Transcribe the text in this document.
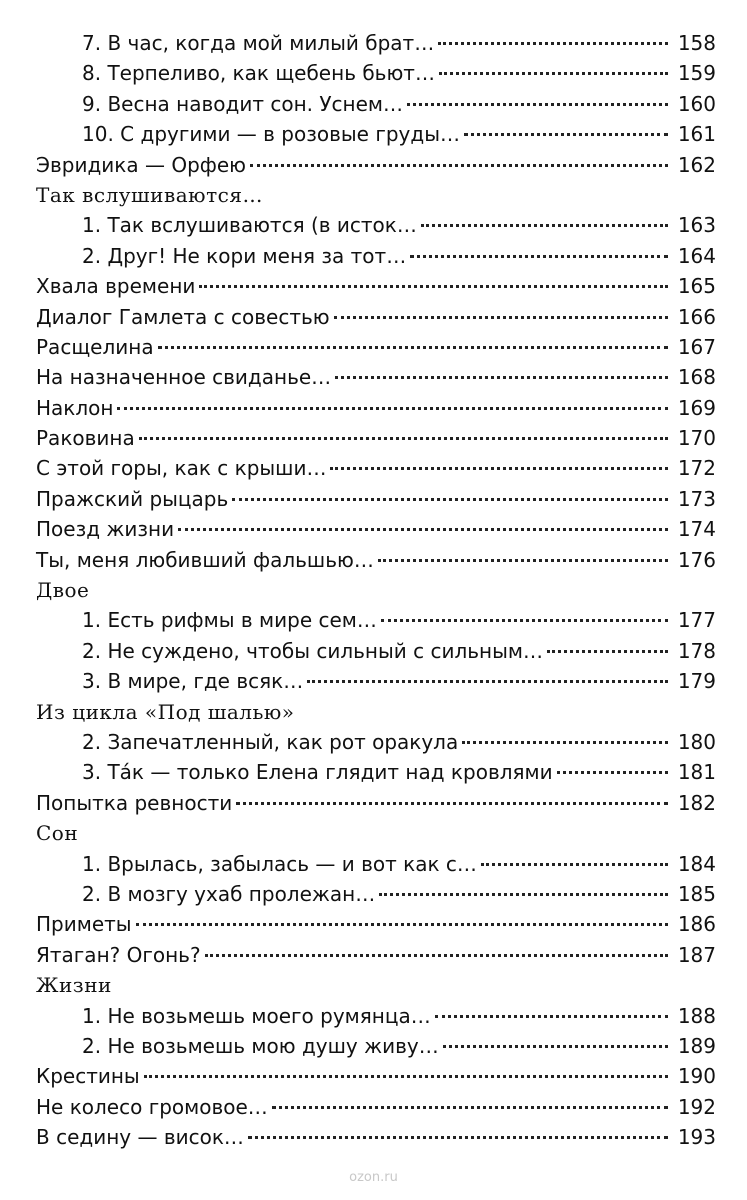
7. В час, когда мой милый брат…	158
8. Терпеливо, как щебень бьют…	159
9. Весна наводит сон. Уснем…	160
10. С другими — в розовые груды…	161
Эвридика — Орфею	162
Так вслушиваются…
1. Так вслушиваются (в исток…	163
2. Друг! Не кори меня за тот…	164
Хвала времени	165
Диалог Гамлета с совестью	166
Расщелина	167
На назначенное свиданье…	168
Наклон	169
Раковина	170
С этой горы, как с крыши…	172
Пражский рыцарь	173
Поезд жизни	174
Ты, меня любивший фальшью…	176
Двое
1. Есть рифмы в мире сем…	177
2. Не суждено, чтобы сильный с сильным…	178
3. В мире, где всяк…	179
Из цикла «Под шалью»
2. Запечатленный, как рот оракула	180
3. Та́к — только Елена глядит над кровлями	181
Попытка ревности	182
Сон
1. Врылась, забылась — и вот как с…	184
2. В мозгу ухаб пролежан…	185
Приметы	186
Ятаган? Огонь?	187
Жизни
1. Не возьмешь моего румянца…	188
2. Не возьмешь мою душу живу…	189
Крестины	190
Не колесо громовое…	192
В седину — висок…	193
ozon.ru
